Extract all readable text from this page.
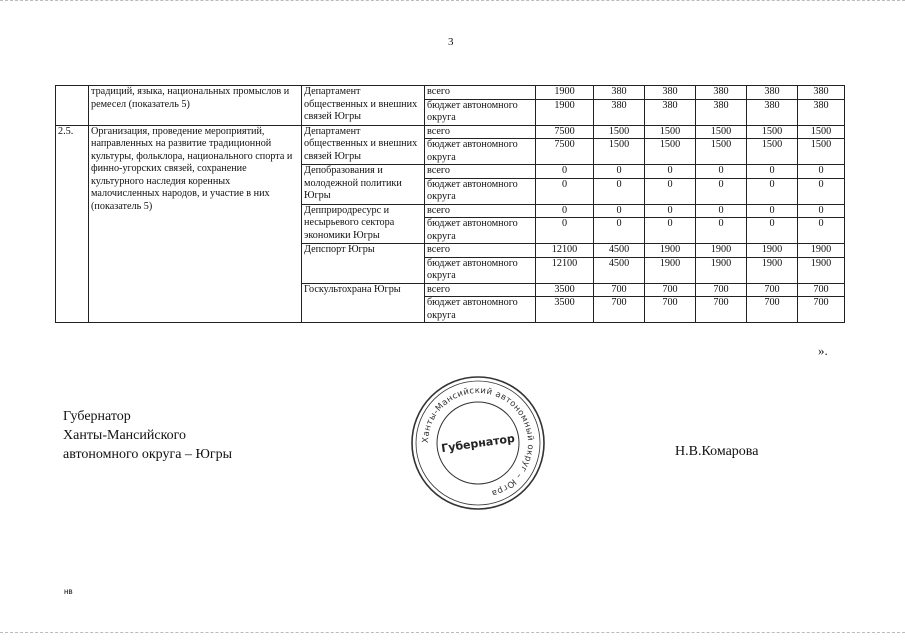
3
	традиций, языка, национальных промыслов и ремесел (показатель 5)	Департамент общественных и внешних связей Югры	всего	1900	380	380	380	380	380
			бюджет автономного округа	1900	380	380	380	380	380
2.5.	Организация, проведение мероприятий, направленных на развитие традиционной культуры, фольклора, национального спорта и финно-угорских связей, сохранение культурного наследия коренных малочисленных народов, и участие в них (показатель 5)	Департамент общественных и внешних связей Югры	всего	7500	1500	1500	1500	1500	1500
			бюджет автономного округа	7500	1500	1500	1500	1500	1500
		Депобразования и молодежной политики Югры	всего	0	0	0	0	0	0
			бюджет автономного округа	0	0	0	0	0	0
		Депприродресурс и несырьевого сектора экономики Югры	всего	0	0	0	0	0	0
			бюджет автономного округа	0	0	0	0	0	0
		Депспорт Югры	всего	12100	4500	1900	1900	1900	1900
			бюджет автономного округа	12100	4500	1900	1900	1900	1900
		Госкультохрана Югры	всего	3500	700	700	700	700	700
			бюджет автономного округа	3500	700	700	700	700	700
».
Губернатор
Ханты-Мансийского
автономного округа – Югры
Ханты-Мансийский автономный округ – Югра
Губернатор	Н.В.Комарова
нв
